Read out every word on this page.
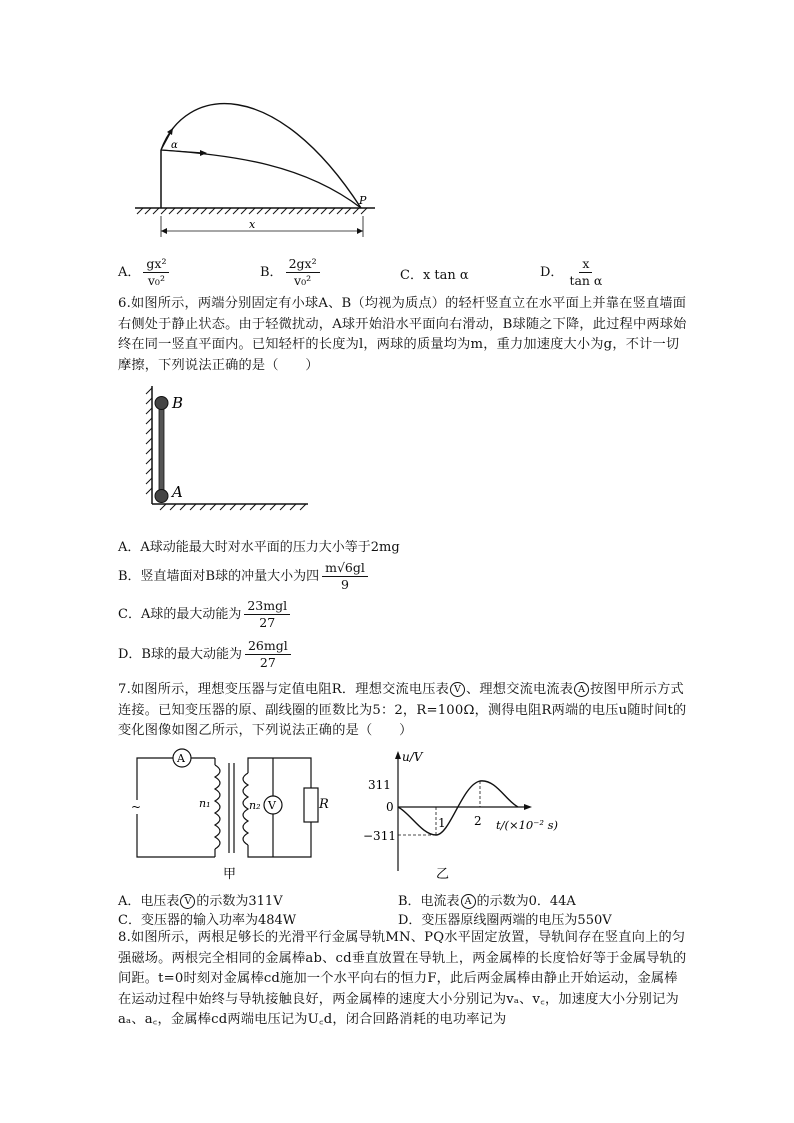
α
P
x
A． $\frac{\text{gx²}}{\text{v₀²}}$	B． $\frac{\text{2gx²}}{\text{v₀²}}$	C．x tan α	D． $\frac{x}{\text{tan α}}$
6.如图所示，两端分别固定有小球A、B（均视为质点）的轻杆竖直立在水平面上并靠在竖直墙面右侧处于静止状态。由于轻微扰动，A球开始沿水平面向右滑动，B球随之下降，此过程中两球始终在同一竖直平面内。已知轻杆的长度为l，两球的质量均为m，重力加速度大小为g，不计一切摩擦，下列说法正确的是（　　）
B
A
A．A球动能最大时对水平面的压力大小等于2mg
B．竖直墙面对B球的冲量大小为四 $\frac{m√6gl}{9}$
C．A球的最大动能为 $\frac{\text{23mgl}}{27}$
D．B球的最大动能为 $\frac{\text{26mgl}}{27}$
7.如图所示，理想变压器与定值电阻R．理想交流电压表 V 、理想交流电流表 A 按图甲所示方式连接。已知变压器的原、副线圈的匝数比为5：2，R=100Ω，测得电阻R两端的电压u随时间t的变化图像如图乙所示，下列说法正确的是（　　）
A
V
~	n₁	n₂	R
甲
u/V
311
0
−311
1 2 t/(×10⁻² s)
乙
A．电压表 V 的示数为311V	B．电流表 A 的示数为0．44A
C．变压器的输入功率为484W	D．变压器原线圈两端的电压为550V
8.如图所示，两根足够长的光滑平行金属导轨MN、PQ水平固定放置，导轨间存在竖直向上的匀强磁场。两根完全相同的金属棒ab、cd垂直放置在导轨上，两金属棒的长度恰好等于金属导轨的间距。t=0时刻对金属棒cd施加一个水平向右的恒力F，此后两金属棒由静止开始运动，金属棒在运动过程中始终与导轨接触良好，两金属棒的速度大小分别记为vₐ、v꜀，加速度大小分别记为aₐ、a꜀，金属棒cd两端电压记为U꜀d，闭合回路消耗的电功率记为
